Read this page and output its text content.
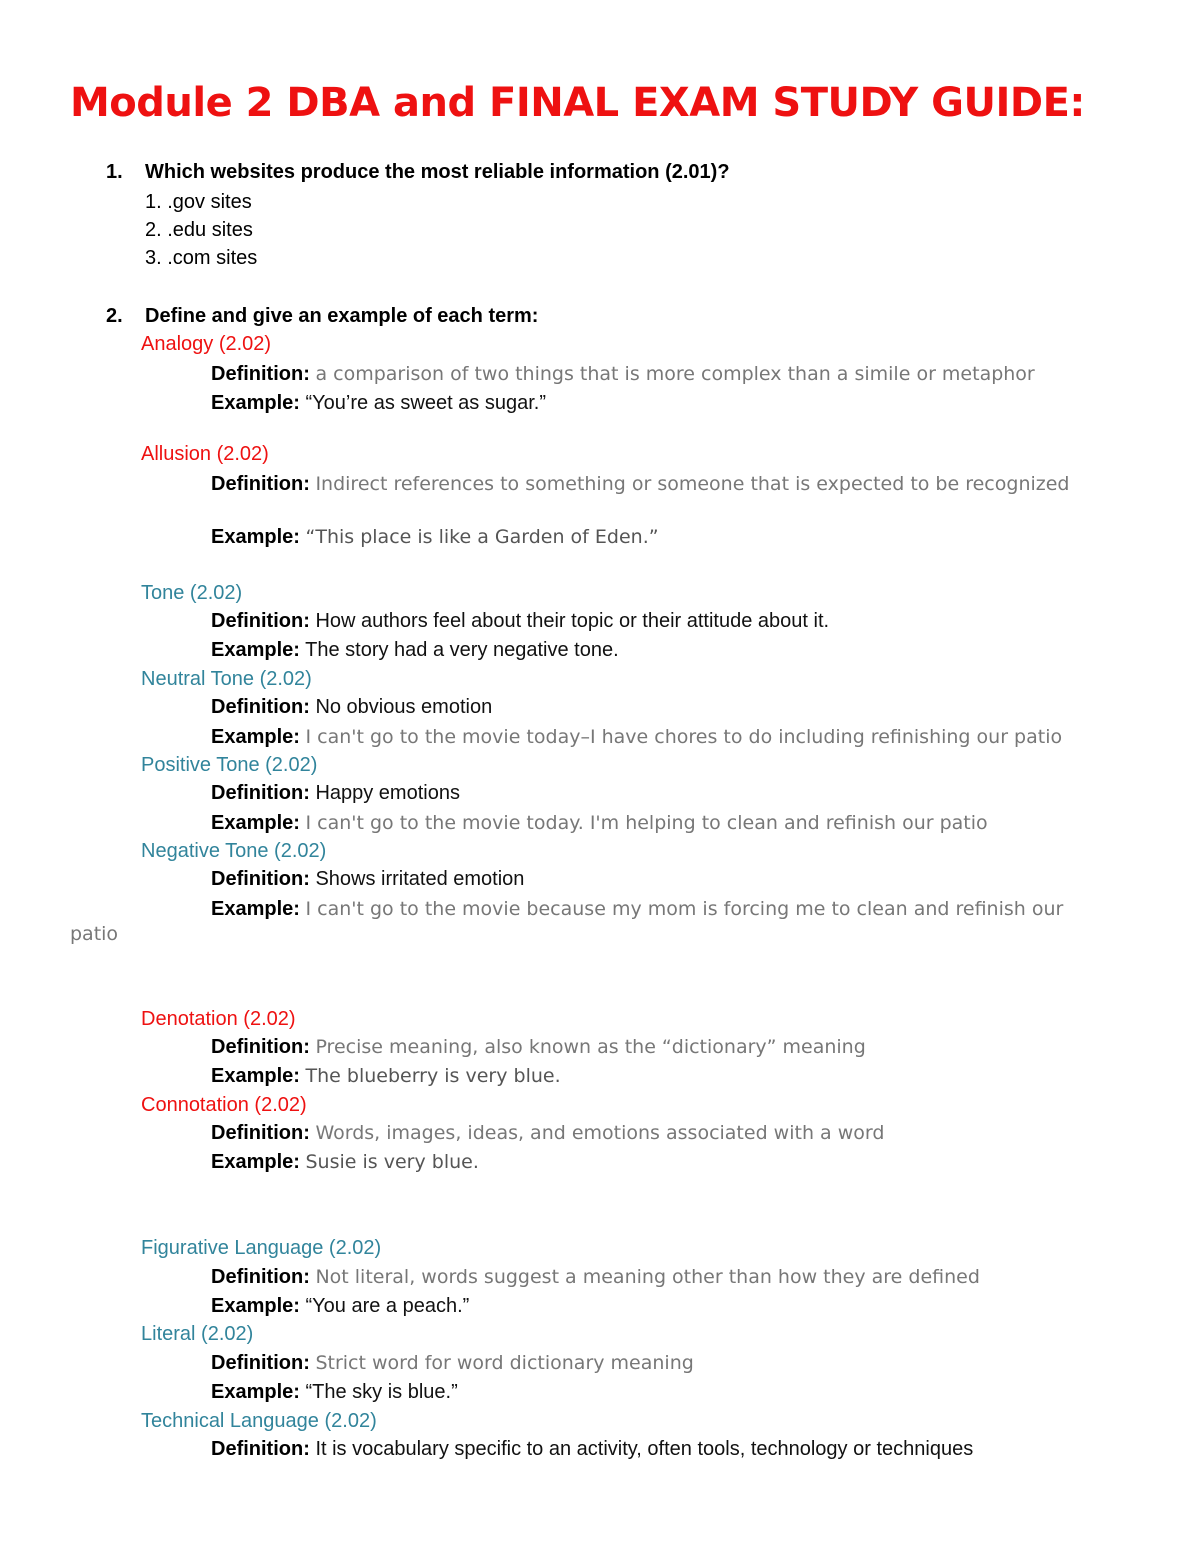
Module 2 DBA and FINAL EXAM STUDY GUIDE:
1. Which websites produce the most reliable information (2.01)?
1. .gov sites
2. .edu sites
3. .com sites
2. Define and give an example of each term:
Analogy (2.02)
Definition: a comparison of two things that is more complex than a simile or metaphor
Example: “You’re as sweet as sugar.”
Allusion (2.02)
Definition: Indirect references to something or someone that is expected to be recognized
Example: “This place is like a Garden of Eden.”
Tone (2.02)
Definition: How authors feel about their topic or their attitude about it.
Example: The story had a very negative tone.
Neutral Tone (2.02)
Definition: No obvious emotion
Example: I can't go to the movie today–I have chores to do including refinishing our patio
Positive Tone (2.02)
Definition: Happy emotions
Example: I can't go to the movie today. I'm helping to clean and refinish our patio
Negative Tone (2.02)
Definition: Shows irritated emotion
Example: I can't go to the movie because my mom is forcing me to clean and refinish our
patio
Denotation (2.02)
Definition: Precise meaning, also known as the “dictionary” meaning
Example: The blueberry is very blue.
Connotation (2.02)
Definition: Words, images, ideas, and emotions associated with a word
Example: Susie is very blue.
Figurative Language (2.02)
Definition: Not literal, words suggest a meaning other than how they are defined
Example: “You are a peach.”
Literal (2.02)
Definition: Strict word for word dictionary meaning
Example: “The sky is blue.”
Technical Language (2.02)
Definition: It is vocabulary specific to an activity, often tools, technology or techniques
